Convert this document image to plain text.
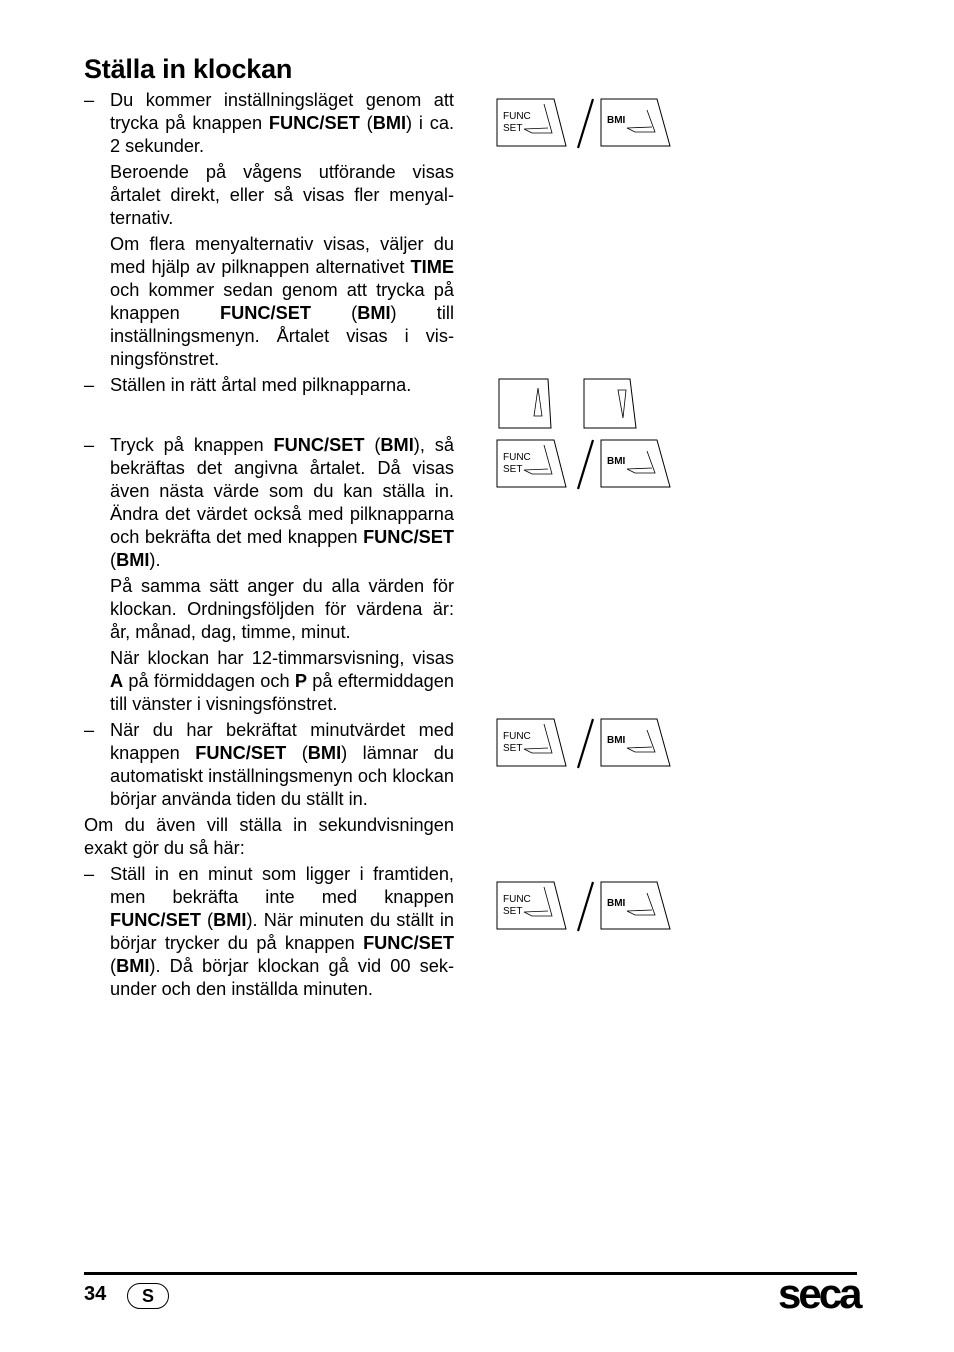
Ställa in klockan
– Du kommer inställningsläget genom att trycka på knappen FUNC/SET (BMI) i ca. 2 sekunder.

Beroende på vågens utförande visas årtalet direkt, eller så visas fler menyalternativ.

Om flera menyalternativ visas, väljer du med hjälp av pilknappen alternativet TIME och kommer sedan genom att trycka på knappen FUNC/SET (BMI) till inställningsmenyn. Årtalet visas i visningsfönstret.

– Ställen in rätt årtal med pilknapparna.

– Tryck på knappen FUNC/SET (BMI), så bekräftas det angivna årtalet. Då visas även nästa värde som du kan ställa in. Ändra det värdet också med pilknapparna och bekräfta det med knappen FUNC/SET (BMI).

På samma sätt anger du alla värden för klockan. Ordningsföljden för värdena är: år, månad, dag, timme, minut.

När klockan har 12-timmarsvisning, visas A på förmiddagen och P på eftermiddagen till vänster i visningsfönstret.

– När du har bekräftat minutvärdet med knappen FUNC/SET (BMI) lämnar du automatiskt inställningsmenyn och klockan börjar använda tiden du ställt in.

Om du även vill ställa in sekundvisningen exakt gör du så här:

– Ställ in en minut som ligger i framtiden, men bekräfta inte med knappen FUNC/SET (BMI). När minuten du ställt in börjar trycker du på knappen FUNC/SET (BMI). Då börjar klockan gå vid 00 sekunder och den inställda minuten.

FUNC
SET
BMI
FUNC
SET
BMI
FUNC
SET
BMI
FUNC
SET
BMI
34	S	seca
